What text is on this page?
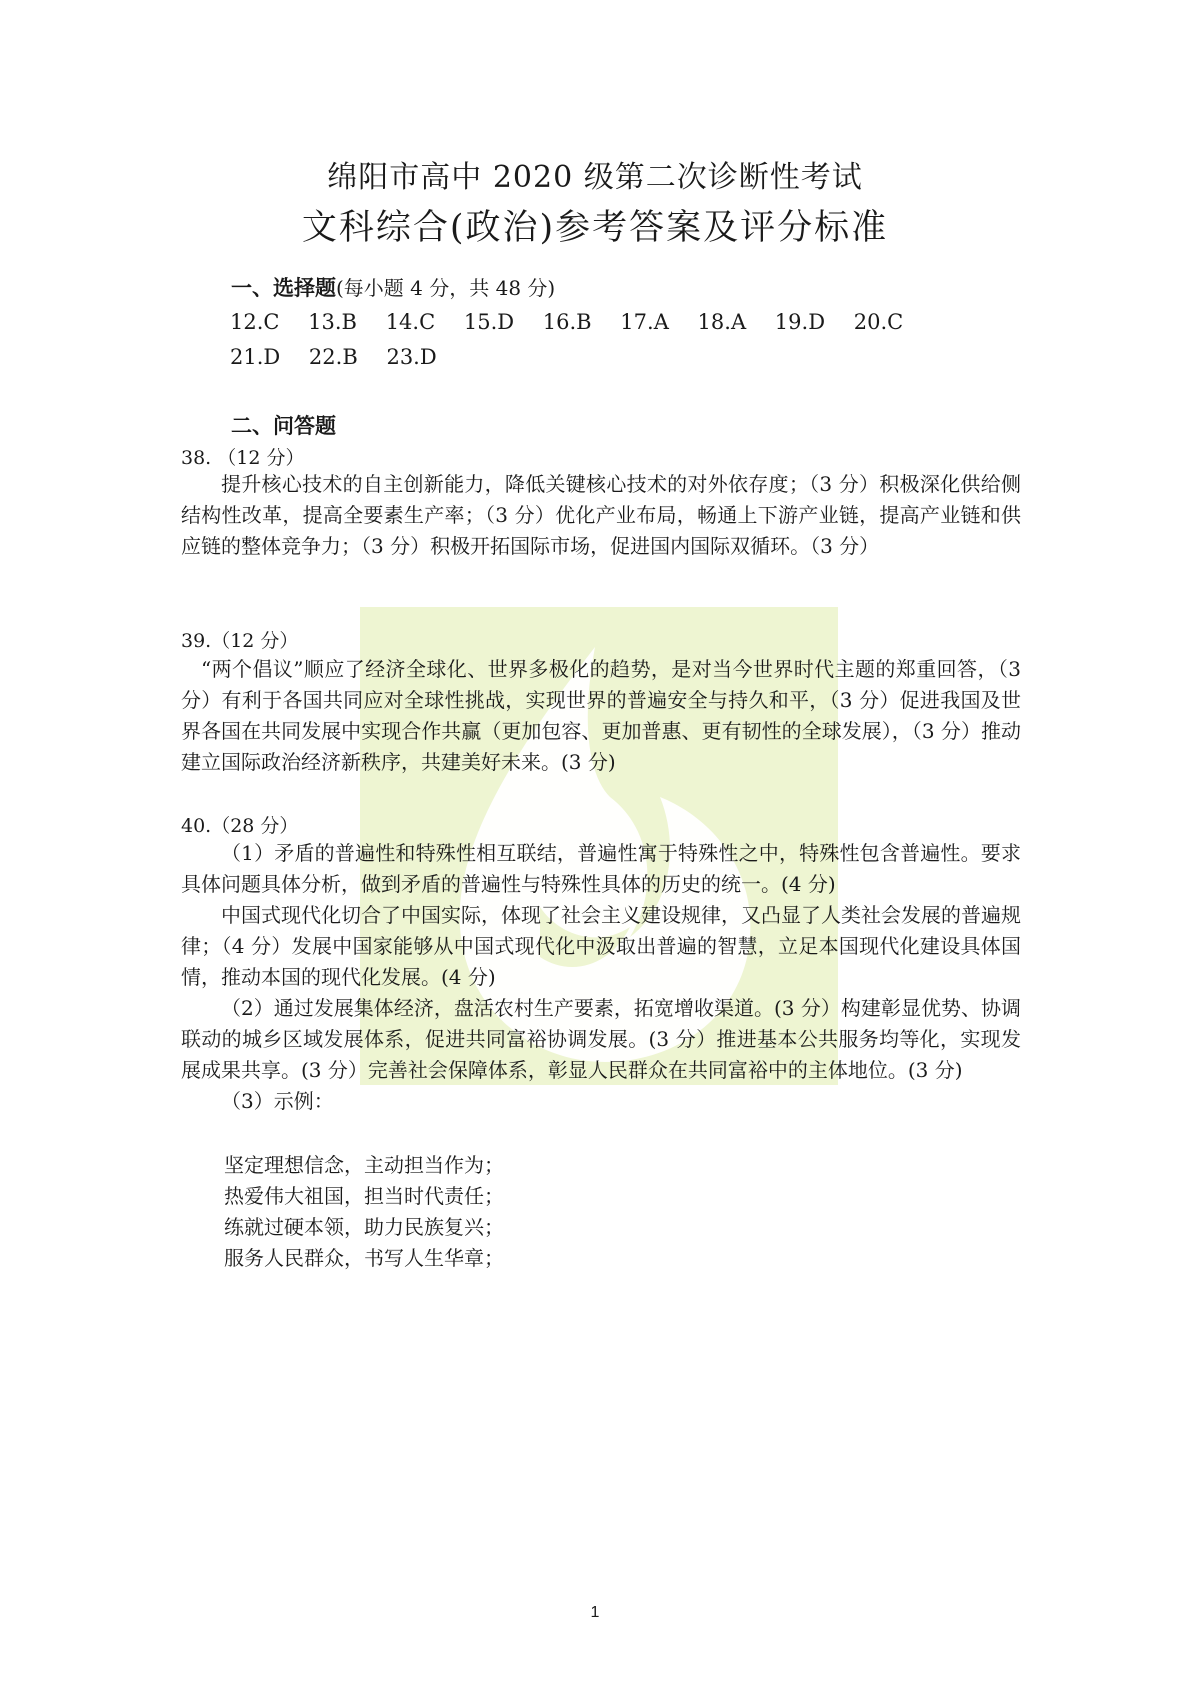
绵阳市高中 2020 级第二次诊断性考试
文科综合(政治)参考答案及评分标准
一、选择题(每小题 4 分，共 48 分)
12.C 13.B 14.C 15.D 16.B 17.A 18.A 19.D 20.C
21.D 22.B 23.D
二、问答题
38. （12 分）

提升核心技术的自主创新能力，降低关键核心技术的对外依存度；（3 分）积极深化供给侧结构性改革，提高全要素生产率；（3 分）优化产业布局，畅通上下游产业链，提高产业链和供应链的整体竞争力；（3 分）积极开拓国际市场，促进国内国际双循环。（3 分）

39.（12 分）

“两个倡议”顺应了经济全球化、世界多极化的趋势，是对当今世界时代主题的郑重回答，（3 分）有利于各国共同应对全球性挑战，实现世界的普遍安全与持久和平，（3 分）促进我国及世界各国在共同发展中实现合作共赢（更加包容、更加普惠、更有韧性的全球发展），（3 分）推动建立国际政治经济新秩序，共建美好未来。(3 分)

40.（28 分）

（1）矛盾的普遍性和特殊性相互联结，普遍性寓于特殊性之中，特殊性包含普遍性。要求具体问题具体分析，做到矛盾的普遍性与特殊性具体的历史的统一。(4 分)

中国式现代化切合了中国实际，体现了社会主义建设规律，又凸显了人类社会发展的普遍规律；（4 分）发展中国家能够从中国式现代化中汲取出普遍的智慧，立足本国现代化建设具体国情，推动本国的现代化发展。(4 分)

（2）通过发展集体经济，盘活农村生产要素，拓宽增收渠道。(3 分）构建彰显优势、协调联动的城乡区域发展体系，促进共同富裕协调发展。(3 分）推进基本公共服务均等化，实现发展成果共享。(3 分）完善社会保障体系，彰显人民群众在共同富裕中的主体地位。(3 分)

（3）示例：

坚定理想信念，主动担当作为；
热爱伟大祖国，担当时代责任；
练就过硬本领，助力民族复兴；
服务人民群众，书写人生华章；
1
